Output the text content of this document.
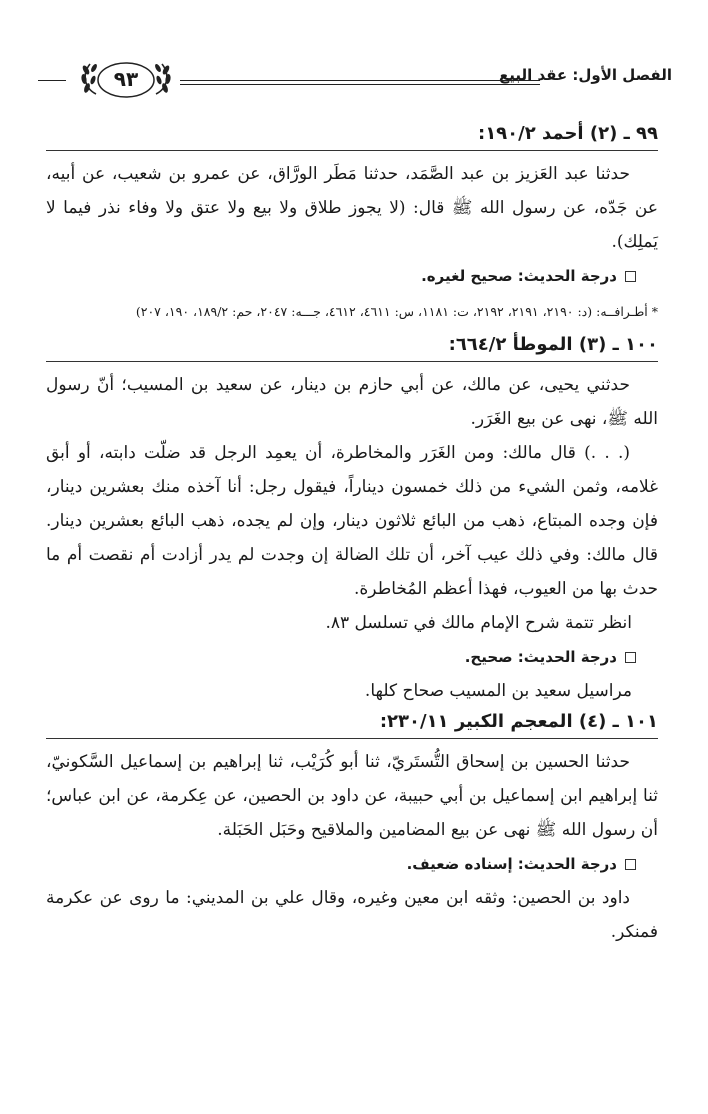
الفصل الأول: عقد البيع
٩٣
٩٩ ـ (٢) أحمد ١٩٠/٢:

حدثنا عبد العَزيز بن عبد الصَّمَد، حدثنا مَطَر الورَّاق، عن عمرو بن شعيب، عن أبيه، عن جَدّه، عن رسول الله ﷺ قال: (لا يجوز طلاق ولا بيع ولا عتق ولا وفاء نذر فيما لا يَملِك).

درجة الحديث: صحيح لغيره.
* أطـرافــه: (د: ٢١٩٠، ٢١٩١، ٢١٩٢، ت: ١١٨١، س: ٤٦١١، ٤٦١٢، جـــه: ٢٠٤٧، حم: ١٨٩/٢، ١٩٠، ٢٠٧)
١٠٠ ـ (٣) الموطأ ٦٦٤/٢:

حدثني يحيى، عن مالك، عن أبي حازم بن دينار، عن سعيد بن المسيب؛ أنّ رسول الله ﷺ، نهى عن بيع الغَرَر.

(. . .) قال مالك: ومن الغَرَر والمخاطرة، أن يعمِد الرجل قد ضلّت دابته، أو أبق غلامه، وثمن الشيء من ذلك خمسون ديناراً، فيقول رجل: أنا آخذه منك بعشرين دينار، فإن وجده المبتاع، ذهب من البائع ثلاثون دينار، وإن لم يجده، ذهب البائع بعشرين دينار. قال مالك: وفي ذلك عيب آخر، أن تلك الضالة إن وجدت لم يدر أزادت أم نقصت أم ما حدث بها من العيوب، فهذا أعظم المُخاطرة.

انظر تتمة شرح الإمام مالك في تسلسل ٨٣.
درجة الحديث: صحيح.
مراسيل سعيد بن المسيب صحاح كلها.
١٠١ ـ (٤) المعجم الكبير ٢٣٠/١١:

حدثنا الحسين بن إسحاق التُّستَريّ، ثنا أبو كُرَيْب، ثنا إبراهيم بن إسماعيل السَّكونيّ، ثنا إبراهيم ابن إسماعيل بن أبي حبيبة، عن داود بن الحصين، عن عِكرمة، عن ابن عباس؛ أن رسول الله ﷺ نهى عن بيع المضامين والملاقيح وحَبَل الحَبَلة.

درجة الحديث: إسناده ضعيف.

داود بن الحصين: وثقه ابن معين وغيره، وقال علي بن المديني: ما روى عن عكرمة فمنكر.
